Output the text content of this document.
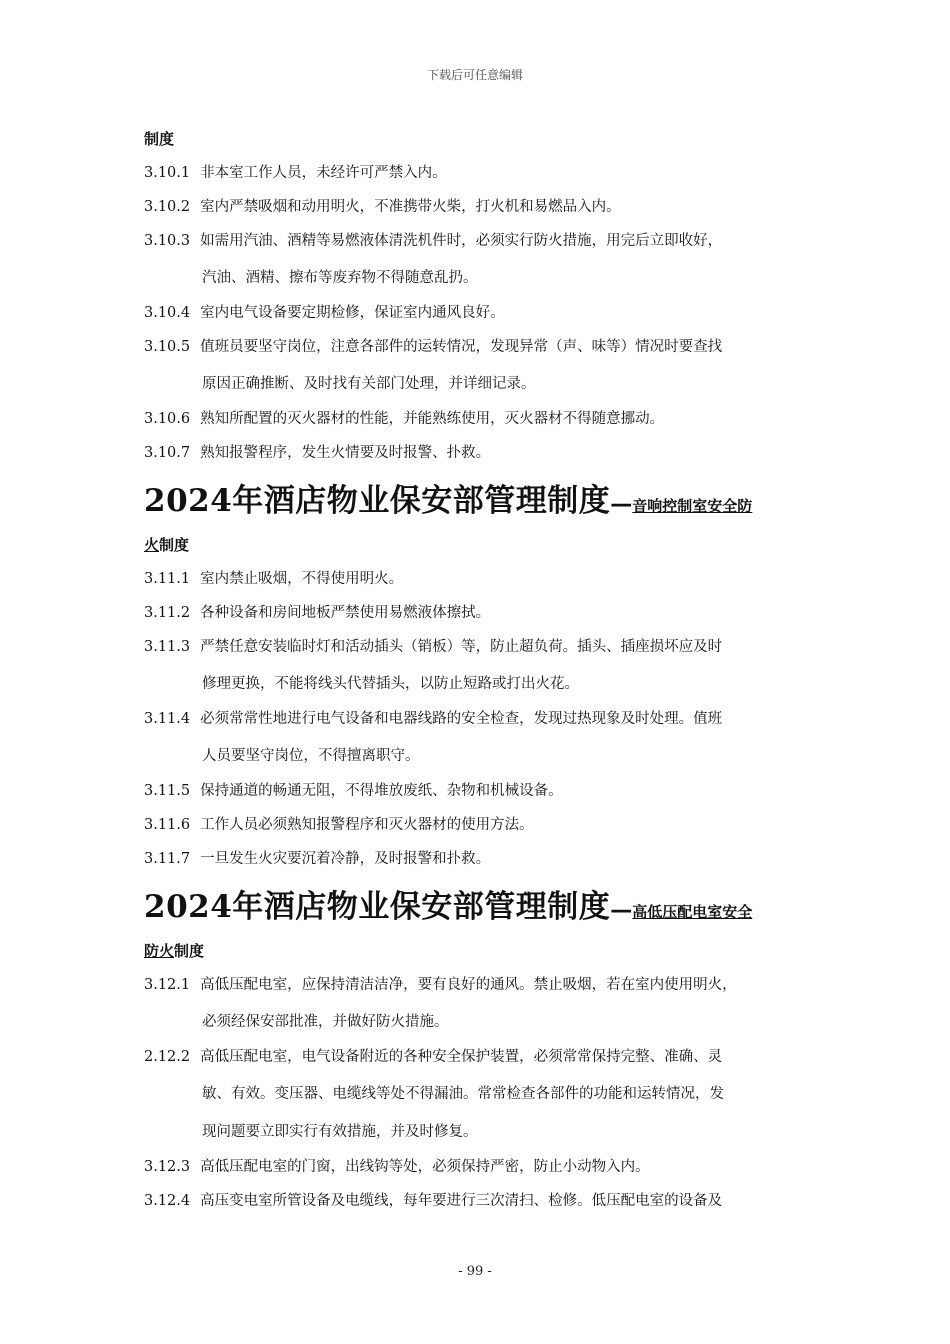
下载后可任意编辑
制度
3.10.1 非本室工作人员，未经许可严禁入内。
3.10.2 室内严禁吸烟和动用明火，不准携带火柴，打火机和易燃品入内。
3.10.3 如需用汽油、酒精等易燃液体清洗机件时，必须实行防火措施，用完后立即收好，
汽油、酒精、擦布等废弃物不得随意乱扔。
3.10.4 室内电气设备要定期检修，保证室内通风良好。
3.10.5 值班员要坚守岗位，注意各部件的运转情况，发现异常（声、味等）情况时要查找
原因正确推断、及时找有关部门处理，并详细记录。
3.10.6 熟知所配置的灭火器材的性能，并能熟练使用，灭火器材不得随意挪动。
3.10.7 熟知报警程序，发生火情要及时报警、扑救。
2024年酒店物业保安部管理制度—音响控制室安全防
火制度
3.11.1 室内禁止吸烟，不得使用明火。
3.11.2 各种设备和房间地板严禁使用易燃液体擦拭。
3.11.3 严禁任意安装临时灯和活动插头（销板）等，防止超负荷。插头、插座损坏应及时
修理更换，不能将线头代替插头，以防止短路或打出火花。
3.11.4 必须常常性地进行电气设备和电器线路的安全检查，发现过热现象及时处理。值班
人员要坚守岗位，不得擅离职守。
3.11.5 保持通道的畅通无阻，不得堆放废纸、杂物和机械设备。
3.11.6 工作人员必须熟知报警程序和灭火器材的使用方法。
3.11.7 一旦发生火灾要沉着冷静，及时报警和扑救。
2024年酒店物业保安部管理制度—高低压配电室安全
防火制度
3.12.1 高低压配电室，应保持清洁洁净，要有良好的通风。禁止吸烟，若在室内使用明火，
必须经保安部批准，并做好防火措施。
2.12.2 高低压配电室，电气设备附近的各种安全保护装置，必须常常保持完整、准确、灵
敏、有效。变压器、电缆线等处不得漏油。常常检查各部件的功能和运转情况，发
现问题要立即实行有效措施，并及时修复。
3.12.3 高低压配电室的门窗，出线钩等处，必须保持严密，防止小动物入内。
3.12.4 高压变电室所管设备及电缆线，每年要进行三次清扫、检修。低压配电室的设备及
- 99 -
